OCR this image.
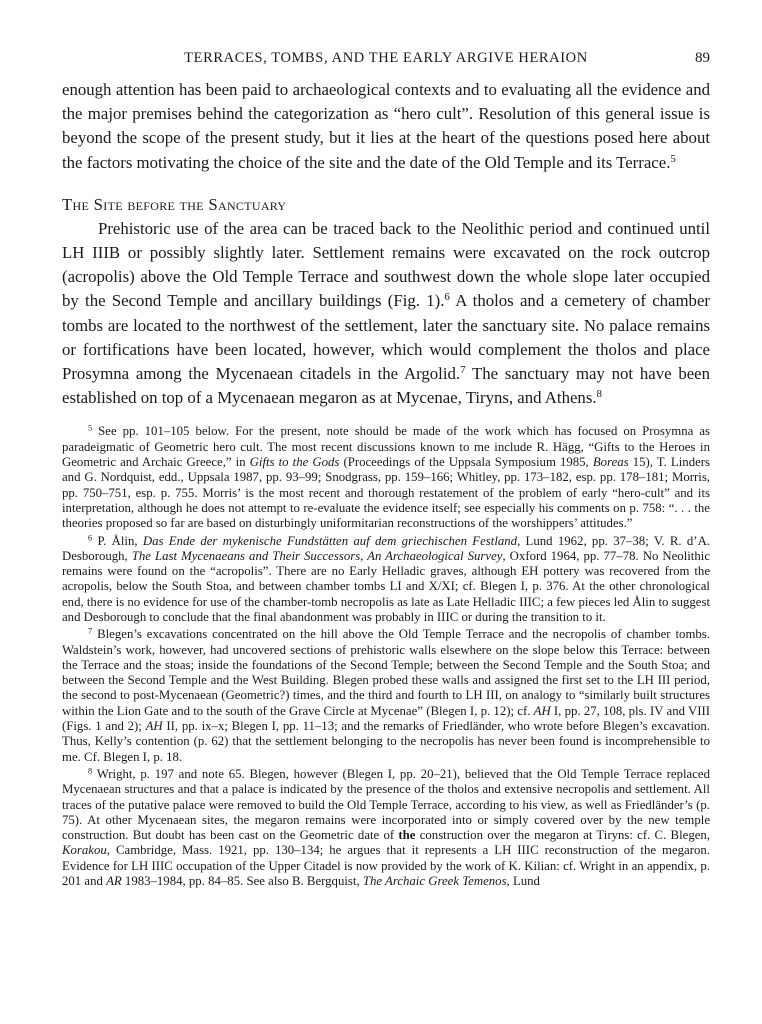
TERRACES, TOMBS, AND THE EARLY ARGIVE HERAION	89

enough attention has been paid to archaeological contexts and to evaluating all the evidence and the major premises behind the categorization as “hero cult”. Resolution of this general issue is beyond the scope of the present study, but it lies at the heart of the questions posed here about the factors motivating the choice of the site and the date of the Old Temple and its Terrace.$^5$

The Site before the Sanctuary

Prehistoric use of the area can be traced back to the Neolithic period and continued until LH IIIB or possibly slightly later. Settlement remains were excavated on the rock outcrop (acropolis) above the Old Temple Terrace and southwest down the whole slope later occupied by the Second Temple and ancillary buildings (Fig. 1).$^6$ A tholos and a cemetery of chamber tombs are located to the northwest of the settlement, later the sanctuary site. No palace remains or fortifications have been located, however, which would complement the tholos and place Prosymna among the Mycenaean citadels in the Argolid.$^7$ The sanctuary may not have been established on top of a Mycenaean megaron as at Mycenae, Tiryns, and Athens.$^8$

$^5$ See pp. 101–105 below. For the present, note should be made of the work which has focused on Prosymna as paradeigmatic of Geometric hero cult. The most recent discussions known to me include R. Hägg, “Gifts to the Heroes in Geometric and Archaic Greece,” in Gifts to the Gods (Proceedings of the Uppsala Symposium 1985, Boreas 15), T. Linders and G. Nordquist, edd., Uppsala 1987, pp. 93–99; Snodgrass, pp. 159–166; Whitley, pp. 173–182, esp. pp. 178–181; Morris, pp. 750–751, esp. p. 755. Morris’ is the most recent and thorough restatement of the problem of early “hero-cult” and its interpretation, although he does not attempt to re-evaluate the evidence itself; see especially his comments on p. 758: “. . . the theories proposed so far are based on disturbingly uniformitarian reconstructions of the worshippers’ attitudes.”

$^6$ P. Ålin, Das Ende der mykenische Fundstätten auf dem griechischen Festland, Lund 1962, pp. 37–38; V. R. d’A. Desborough, The Last Mycenaeans and Their Successors, An Archaeological Survey, Oxford 1964, pp. 77–78. No Neolithic remains were found on the “acropolis”. There are no Early Helladic graves, although EH pottery was recovered from the acropolis, below the South Stoa, and between chamber tombs LI and X/XI; cf. Blegen I, p. 376. At the other chronological end, there is no evidence for use of the chamber-tomb necropolis as late as Late Helladic IIIC; a few pieces led Ålin to suggest and Desborough to conclude that the final abandonment was probably in IIIC or during the transition to it.

$^7$ Blegen’s excavations concentrated on the hill above the Old Temple Terrace and the necropolis of chamber tombs. Waldstein’s work, however, had uncovered sections of prehistoric walls elsewhere on the slope below this Terrace: between the Terrace and the stoas; inside the foundations of the Second Temple; between the Second Temple and the South Stoa; and between the Second Temple and the West Building. Blegen probed these walls and assigned the first set to the LH III period, the second to post-Mycenaean (Geometric?) times, and the third and fourth to LH III, on analogy to “similarly built structures within the Lion Gate and to the south of the Grave Circle at Mycenae” (Blegen I, p. 12); cf. AH I, pp. 27, 108, pls. IV and VIII (Figs. 1 and 2); AH II, pp. ix–x; Blegen I, pp. 11–13; and the remarks of Friedländer, who wrote before Blegen’s excavation. Thus, Kelly’s contention (p. 62) that the settlement belonging to the necropolis has never been found is incomprehensible to me. Cf. Blegen I, p. 18.

$^8$ Wright, p. 197 and note 65. Blegen, however (Blegen I, pp. 20–21), believed that the Old Temple Terrace replaced Mycenaean structures and that a palace is indicated by the presence of the tholos and extensive necropolis and settlement. All traces of the putative palace were removed to build the Old Temple Terrace, according to his view, as well as Friedländer’s (p. 75). At other Mycenaean sites, the megaron remains were incorporated into or simply covered over by the new temple construction. But doubt has been cast on the Geometric date of the construction over the megaron at Tiryns: cf. C. Blegen, Korakou, Cambridge, Mass. 1921, pp. 130–134; he argues that it represents a LH IIIC reconstruction of the megaron. Evidence for LH IIIC occupation of the Upper Citadel is now provided by the work of K. Kilian: cf. Wright in an appendix, p. 201 and AR 1983–1984, pp. 84–85. See also B. Bergquist, The Archaic Greek Temenos, Lund
